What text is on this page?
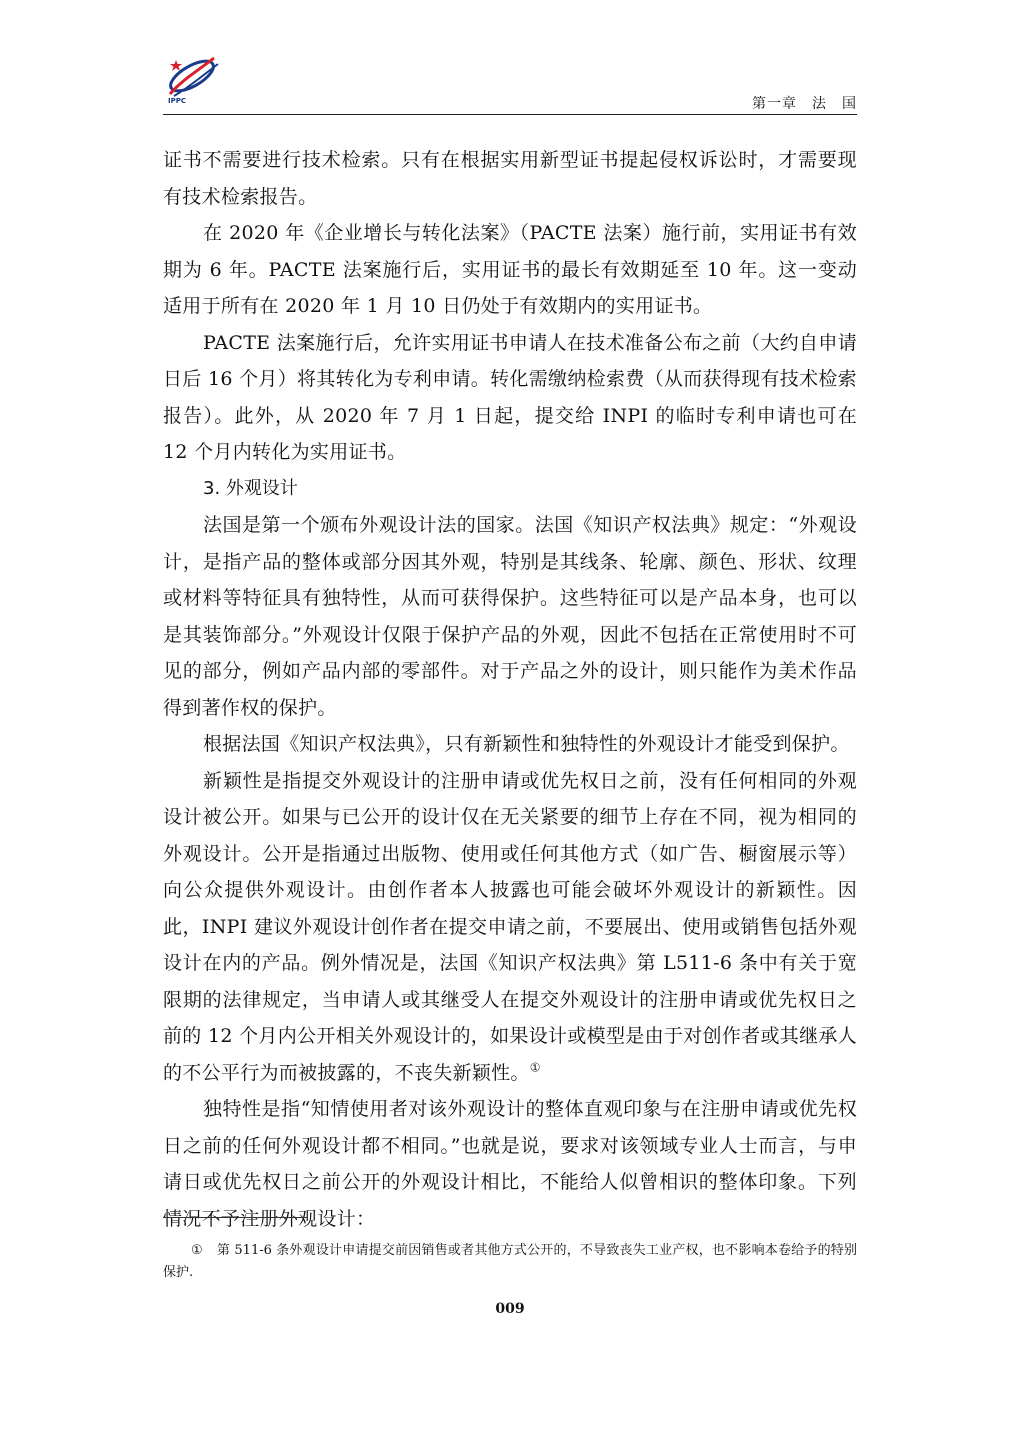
IPPC	第一章　法　国

证书不需要进行技术检索。只有在根据实用新型证书提起侵权诉讼时，才需要现有技术检索报告。

在 2020 年《企业增长与转化法案》（PACTE 法案）施行前，实用证书有效期为 6 年。PACTE 法案施行后，实用证书的最长有效期延至 10 年。这一变动适用于所有在 2020 年 1 月 10 日仍处于有效期内的实用证书。

PACTE 法案施行后，允许实用证书申请人在技术准备公布之前（大约自申请日后 16 个月）将其转化为专利申请。转化需缴纳检索费（从而获得现有技术检索报告）。此外，从 2020 年 7 月 1 日起，提交给 INPI 的临时专利申请也可在 12 个月内转化为实用证书。

3. 外观设计

法国是第一个颁布外观设计法的国家。法国《知识产权法典》规定：“外观设计，是指产品的整体或部分因其外观，特别是其线条、轮廓、颜色、形状、纹理或材料等特征具有独特性，从而可获得保护。这些特征可以是产品本身，也可以是其装饰部分。”外观设计仅限于保护产品的外观，因此不包括在正常使用时不可见的部分，例如产品内部的零部件。对于产品之外的设计，则只能作为美术作品得到著作权的保护。

根据法国《知识产权法典》，只有新颖性和独特性的外观设计才能受到保护。

新颖性是指提交外观设计的注册申请或优先权日之前，没有任何相同的外观设计被公开。如果与已公开的设计仅在无关紧要的细节上存在不同，视为相同的外观设计。公开是指通过出版物、使用或任何其他方式（如广告、橱窗展示等）向公众提供外观设计。由创作者本人披露也可能会破坏外观设计的新颖性。因此，INPI 建议外观设计创作者在提交申请之前，不要展出、使用或销售包括外观设计在内的产品。例外情况是，法国《知识产权法典》第 L511-6 条中有关于宽限期的法律规定，当申请人或其继受人在提交外观设计的注册申请或优先权日之前的 12 个月内公开相关外观设计的，如果设计或模型是由于对创作者或其继承人的不公平行为而被披露的，不丧失新颖性。①

独特性是指“知情使用者对该外观设计的整体直观印象与在注册申请或优先权日之前的任何外观设计都不相同。”也就是说，要求对该领域专业人士而言，与申请日或优先权日之前公开的外观设计相比，不能给人似曾相识的整体印象。下列情况不予注册外观设计：

① 第 511-6 条外观设计申请提交前因销售或者其他方式公开的，不导致丧失工业产权，也不影响本卷给予的特别保护.
009
